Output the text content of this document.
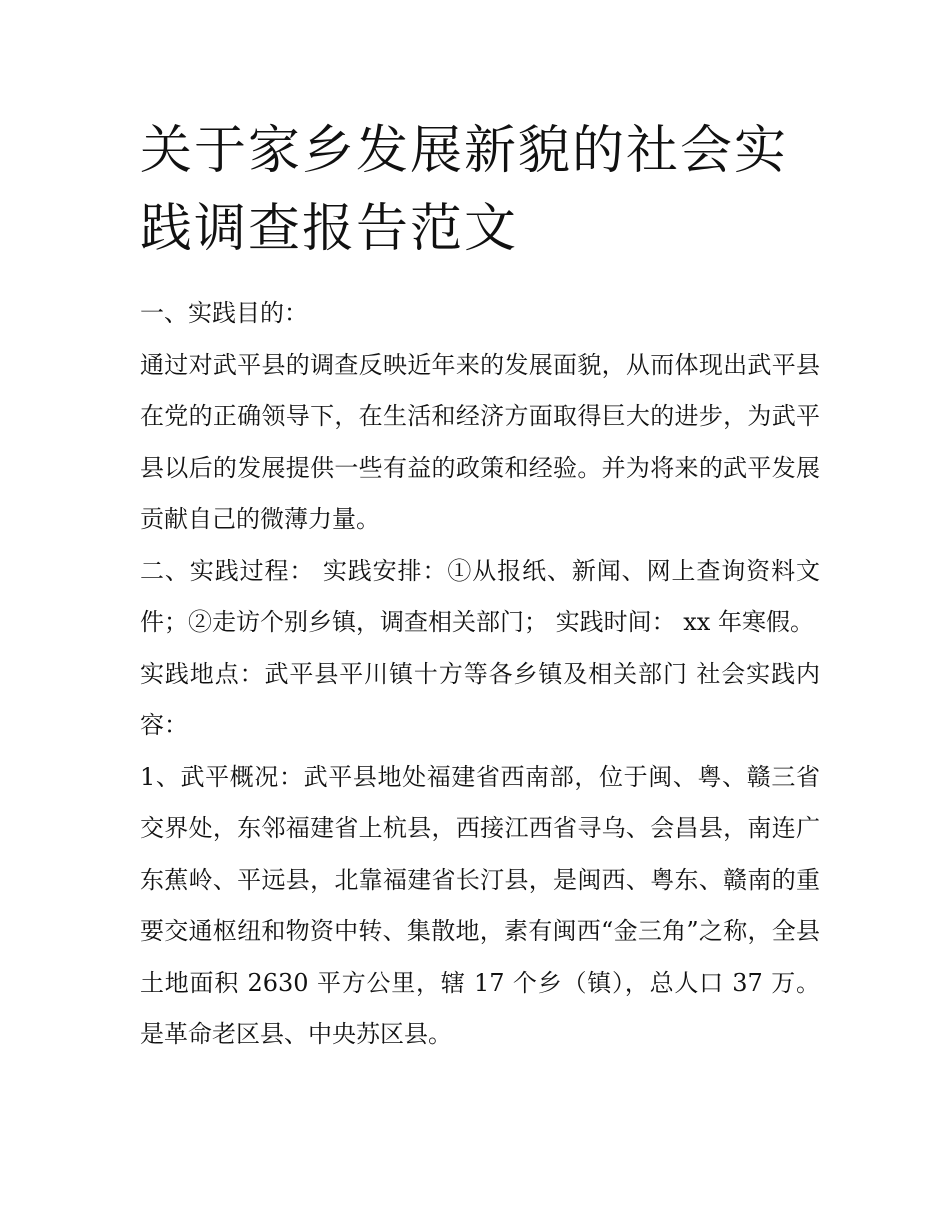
关于家乡发展新貌的社会实践调查报告范文

一、实践目的：

通过对武平县的调查反映近年来的发展面貌，从而体现出武平县在党的正确领导下，在生活和经济方面取得巨大的进步，为武平县以后的发展提供一些有益的政策和经验。并为将来的武平发展贡献自己的微薄力量。

二、实践过程： 实践安排：①从报纸、新闻、网上查询资料文件；②走访个别乡镇，调查相关部门； 实践时间： xx 年寒假。

实践地点：武平县平川镇十方等各乡镇及相关部门 社会实践内容：

1、武平概况：武平县地处福建省西南部，位于闽、粤、赣三省交界处，东邻福建省上杭县，西接江西省寻乌、会昌县，南连广东蕉岭、平远县，北靠福建省长汀县，是闽西、粤东、赣南的重要交通枢纽和物资中转、集散地，素有闽西“金三角”之称，全县土地面积 2630 平方公里，辖 17 个乡（镇），总人口 37 万。是革命老区县、中央苏区县。
